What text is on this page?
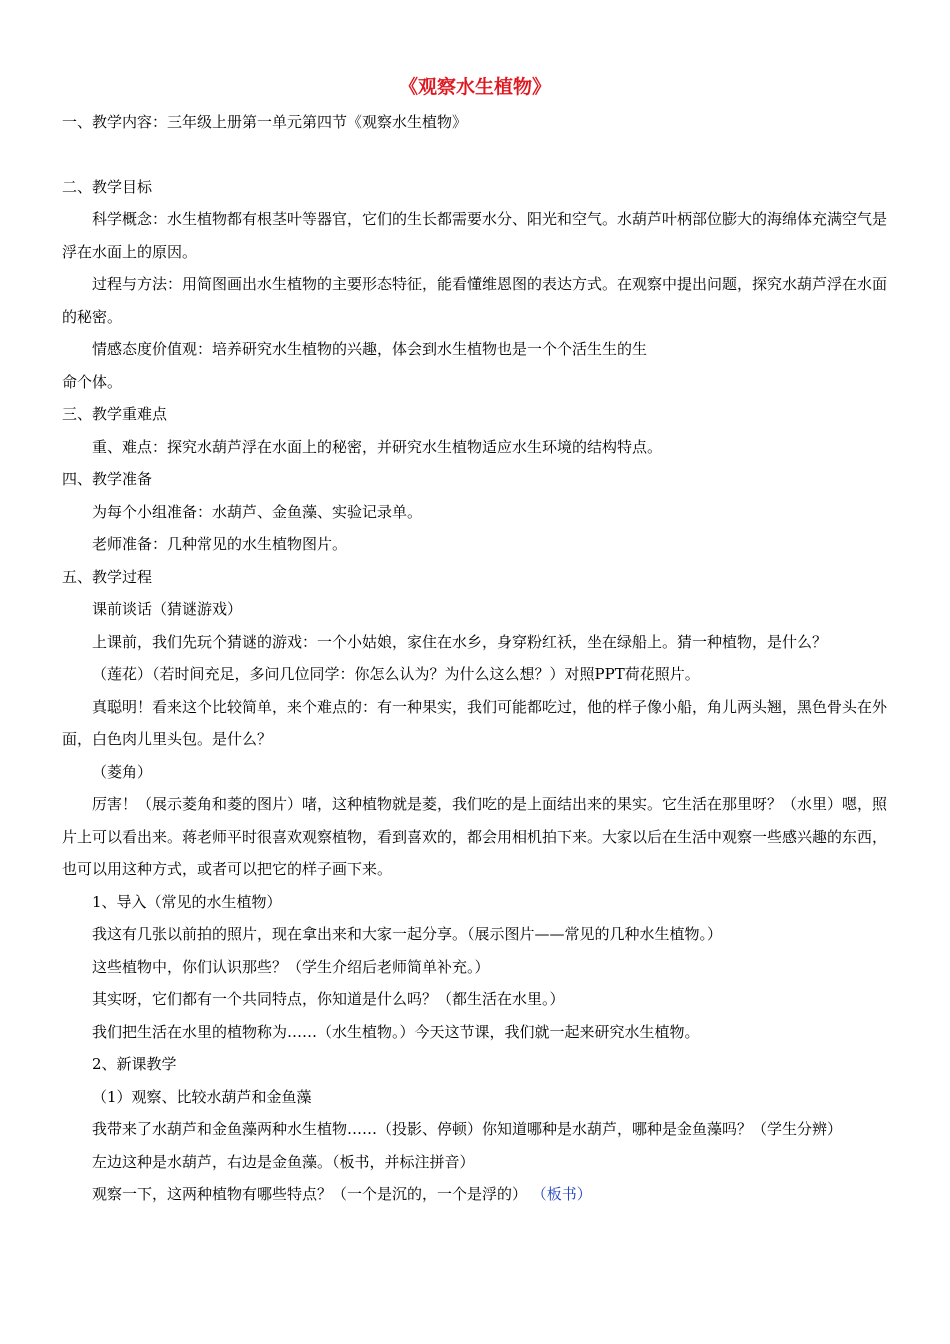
《观察水生植物》

一、教学内容：三年级上册第一单元第四节《观察水生植物》

二、教学目标

科学概念：水生植物都有根茎叶等器官，它们的生长都需要水分、阳光和空气。水葫芦叶柄部位膨大的海绵体充满空气是浮在水面上的原因。

过程与方法：用简图画出水生植物的主要形态特征，能看懂维恩图的表达方式。在观察中提出问题，探究水葫芦浮在水面的秘密。

情感态度价值观：培养研究水生植物的兴趣，体会到水生植物也是一个个活生生的生

命个体。

三、教学重难点

重、难点：探究水葫芦浮在水面上的秘密，并研究水生植物适应水生环境的结构特点。

四、教学准备

为每个小组准备：水葫芦、金鱼藻、实验记录单。

老师准备：几种常见的水生植物图片。

五、教学过程

课前谈话（猜谜游戏）

上课前，我们先玩个猜谜的游戏：一个小姑娘，家住在水乡，身穿粉红袄，坐在绿船上。猜一种植物，是什么？

（莲花）（若时间充足，多问几位同学：你怎么认为？为什么这么想？）对照PPT荷花照片。

真聪明！看来这个比较简单，来个难点的：有一种果实，我们可能都吃过，他的样子像小船，角儿两头翘，黑色骨头在外面，白色肉儿里头包。是什么？

（菱角）

厉害！（展示菱角和菱的图片）啫，这种植物就是菱，我们吃的是上面结出来的果实。它生活在那里呀？（水里）嗯，照片上可以看出来。蒋老师平时很喜欢观察植物，看到喜欢的，都会用相机拍下来。大家以后在生活中观察一些感兴趣的东西，也可以用这种方式，或者可以把它的样子画下来。

1、导入（常见的水生植物）

我这有几张以前拍的照片，现在拿出来和大家一起分享。（展示图片——常见的几种水生植物。）

这些植物中，你们认识那些？（学生介绍后老师简单补充。）

其实呀，它们都有一个共同特点，你知道是什么吗？（都生活在水里。）

我们把生活在水里的植物称为……（水生植物。）今天这节课，我们就一起来研究水生植物。

2、新课教学

（1）观察、比较水葫芦和金鱼藻

我带来了水葫芦和金鱼藻两种水生植物……（投影、停顿）你知道哪种是水葫芦，哪种是金鱼藻吗？（学生分辨）

左边这种是水葫芦，右边是金鱼藻。（板书，并标注拼音）

观察一下，这两种植物有哪些特点？（一个是沉的，一个是浮的） （板书）
